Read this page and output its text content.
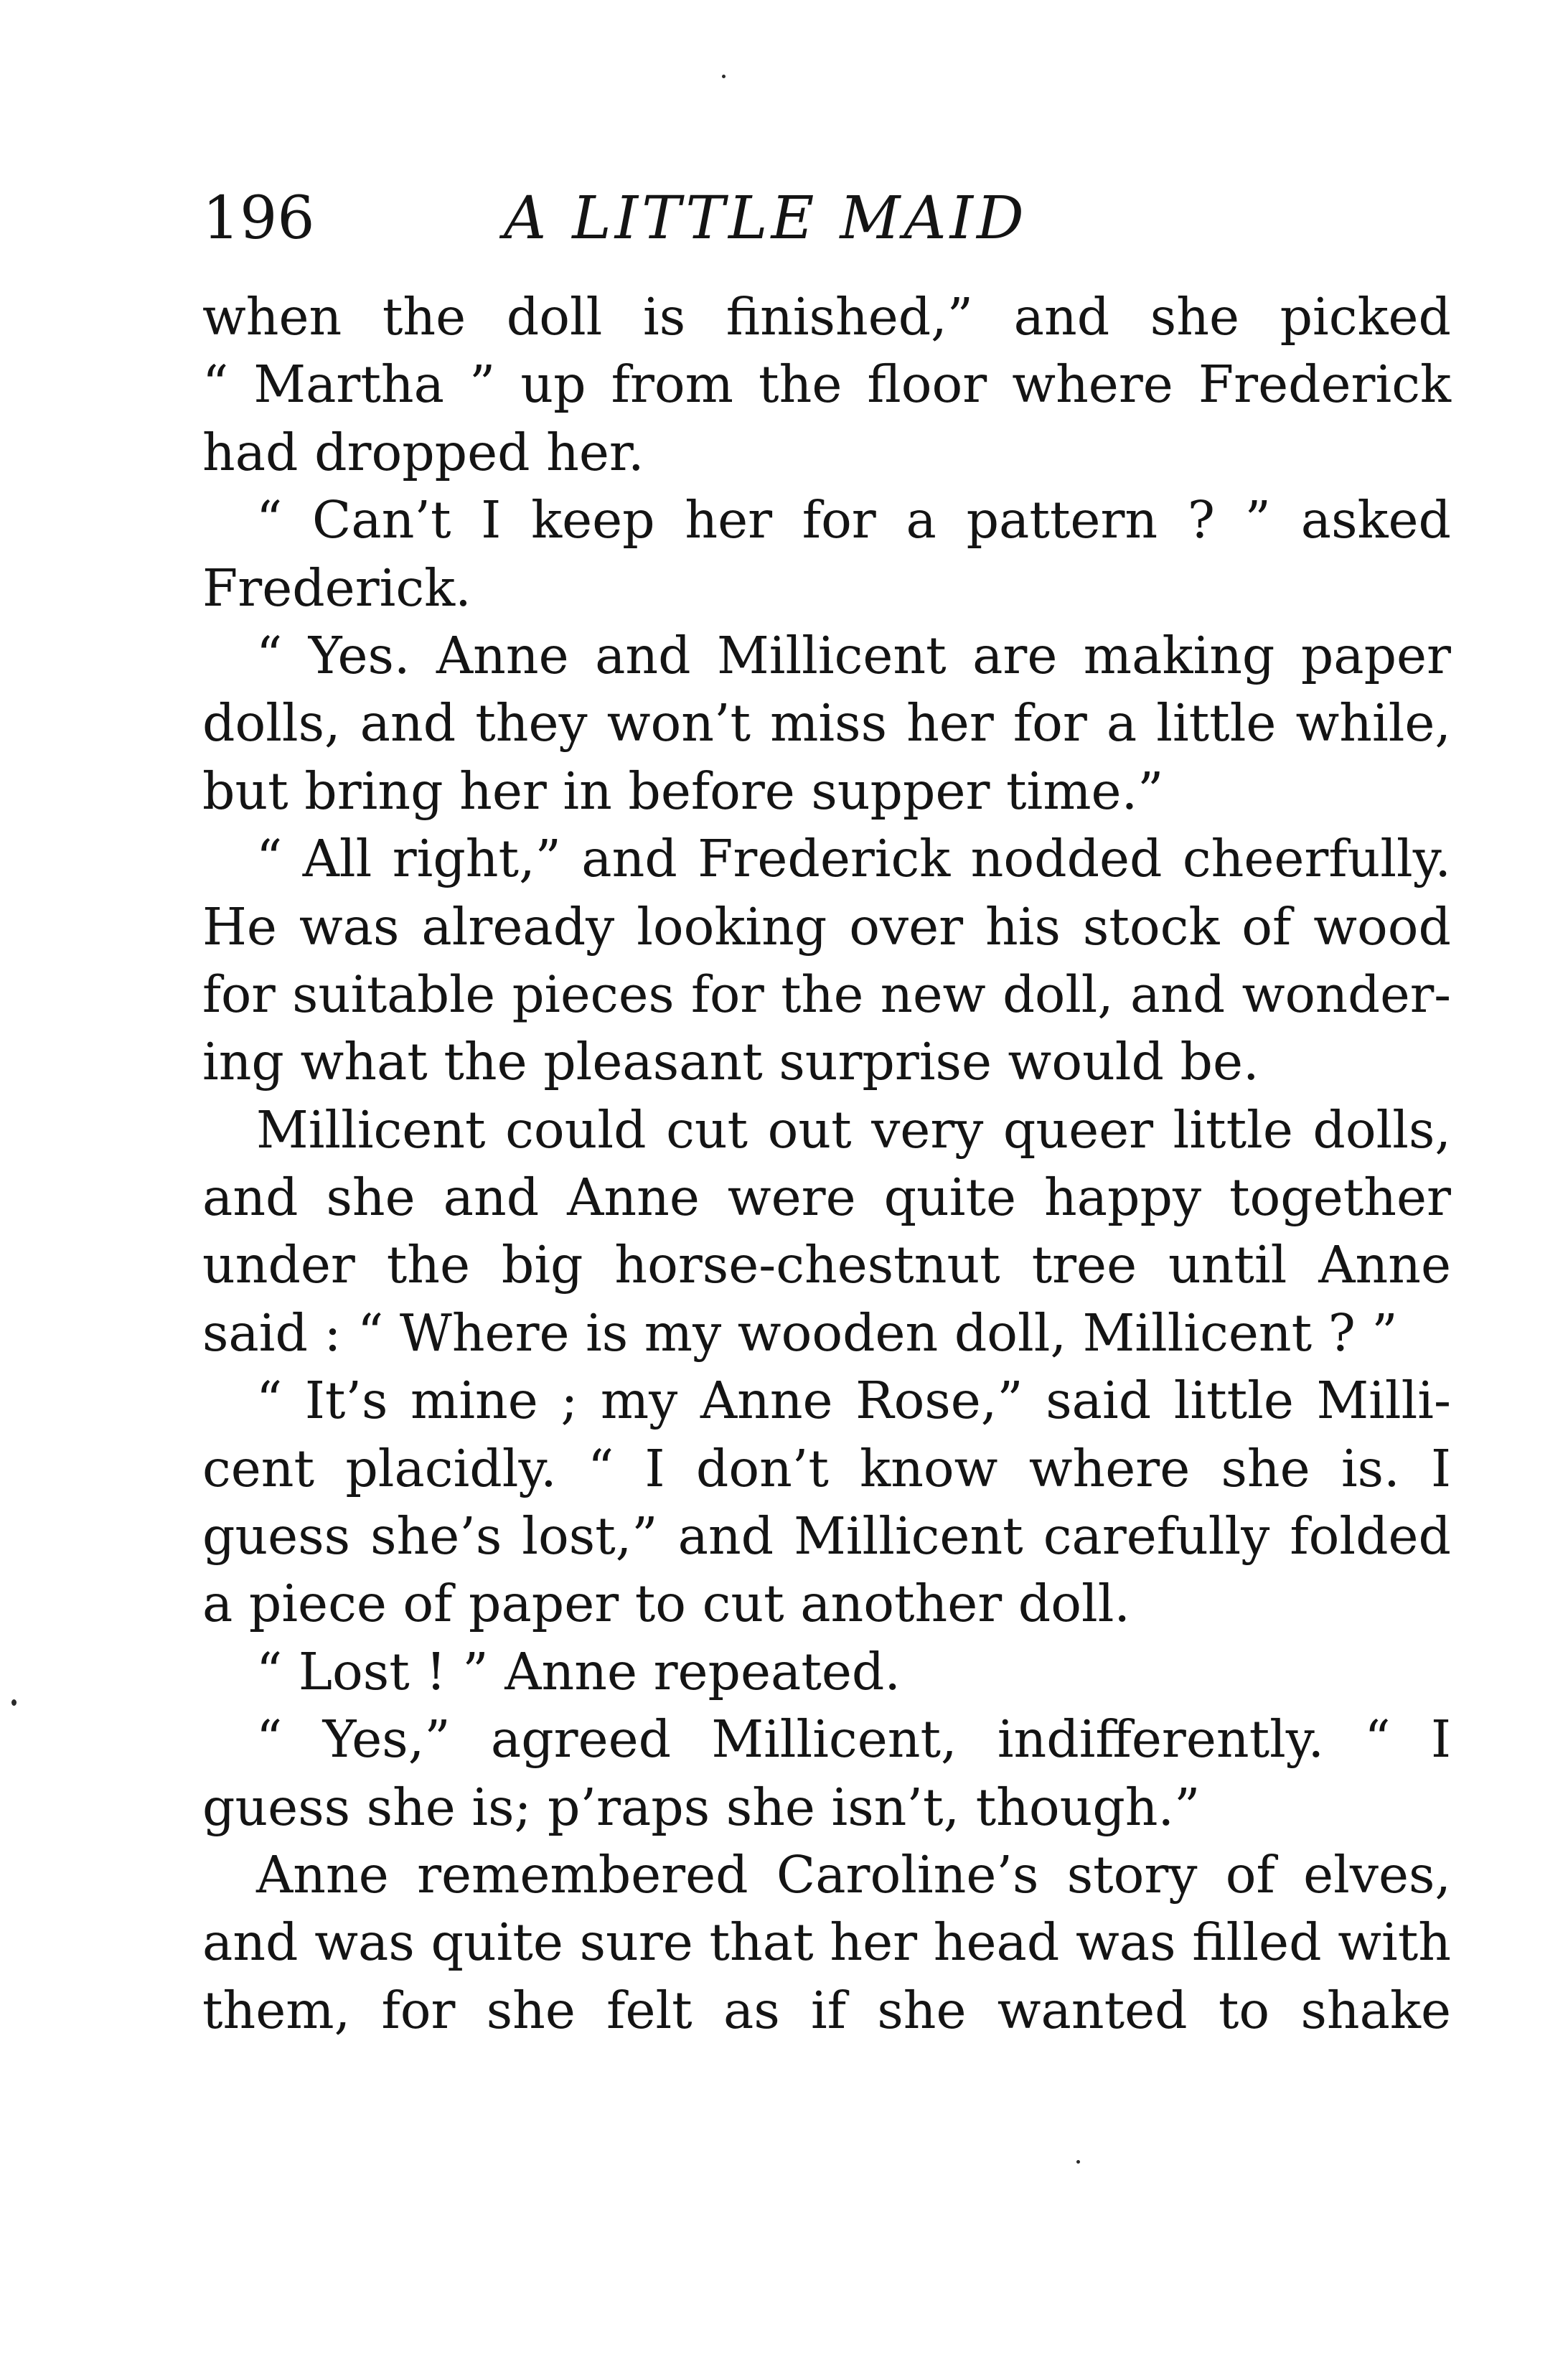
196	A LITTLE MAID
when the doll is finished,” and she picked
“ Martha ” up from the floor where Frederick
had dropped her.
“ Can’t I keep her for a pattern ? ” asked
Frederick.
“ Yes. Anne and Millicent are making paper
dolls, and they won’t miss her for a little while,
but bring her in before supper time.”
“ All right,” and Frederick nodded cheerfully.
He was already looking over his stock of wood
for suitable pieces for the new doll, and wonder-
ing what the pleasant surprise would be.
Millicent could cut out very queer little dolls,
and she and Anne were quite happy together
under the big horse-chestnut tree until Anne
said : “ Where is my wooden doll, Millicent ? ”
“ It’s mine ; my Anne Rose,” said little Milli-
cent placidly. “ I don’t know where she is. I
guess she’s lost,” and Millicent carefully folded
a piece of paper to cut another doll.
“ Lost ! ” Anne repeated.
“ Yes,” agreed Millicent, indifferently. “ I
guess she is; p’raps she isn’t, though.”
Anne remembered Caroline’s story of elves,
and was quite sure that her head was filled with
them, for she felt as if she wanted to shake
